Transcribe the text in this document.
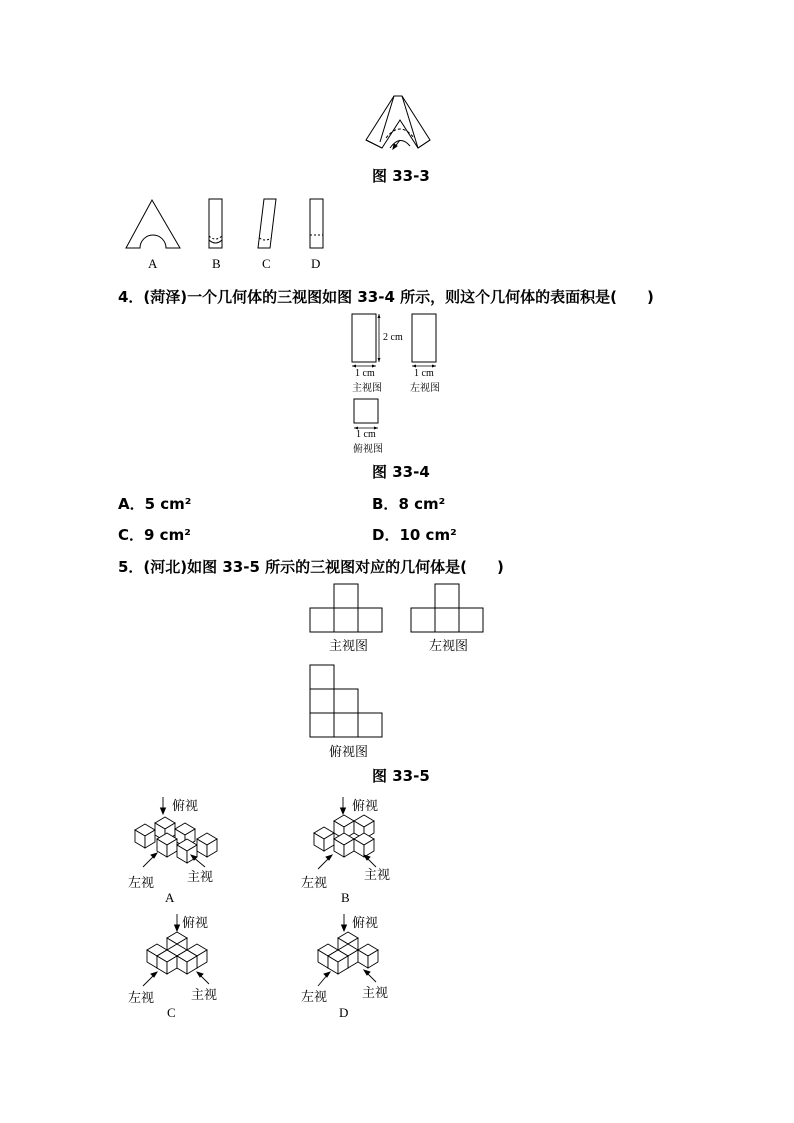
图 33-3
A	B	C	D
4．(菏泽)一个几何体的三视图如图 33-4 所示，则这个几何体的表面积是(　　)
2 cm
1 cm
主视图
1 cm
左视图
1 cm
俯视图
图 33-4
A．5 cm²	B．8 cm²
C．9 cm²	D．10 cm²
5．(河北)如图 33-5 所示的三视图对应的几何体是(　　)
主视图	左视图
俯视图
图 33-5
俯视
左视	主视
A
俯视
左视
主视
B
俯视
左视	主视
C
俯视
左视	主视
D
